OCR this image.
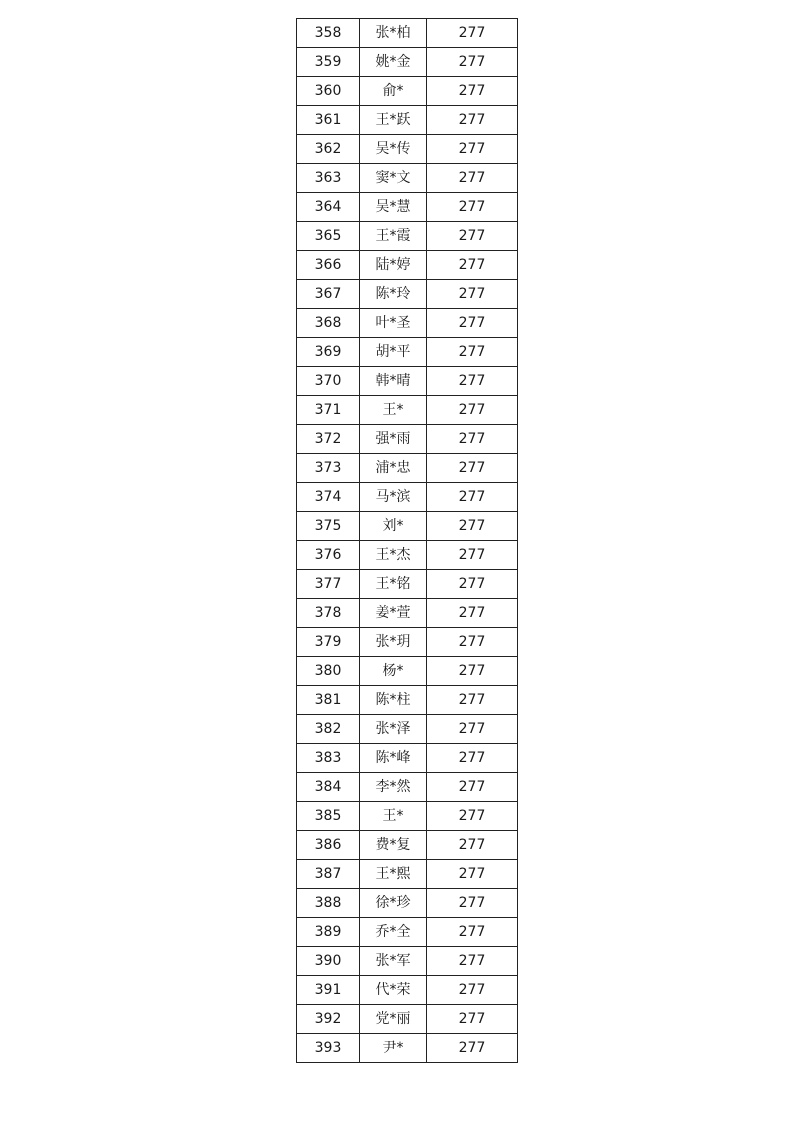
358	张*柏	277
359	姚*金	277
360	俞*	277
361	王*跃	277
362	吴*传	277
363	窦*文	277
364	吴*慧	277
365	王*霞	277
366	陆*婷	277
367	陈*玲	277
368	叶*圣	277
369	胡*平	277
370	韩*晴	277
371	王*	277
372	强*雨	277
373	浦*忠	277
374	马*滨	277
375	刘*	277
376	王*杰	277
377	王*铭	277
378	姜*萱	277
379	张*玥	277
380	杨*	277
381	陈*柱	277
382	张*泽	277
383	陈*峰	277
384	李*然	277
385	王*	277
386	费*复	277
387	王*熙	277
388	徐*珍	277
389	乔*全	277
390	张*军	277
391	代*荣	277
392	党*丽	277
393	尹*	277
